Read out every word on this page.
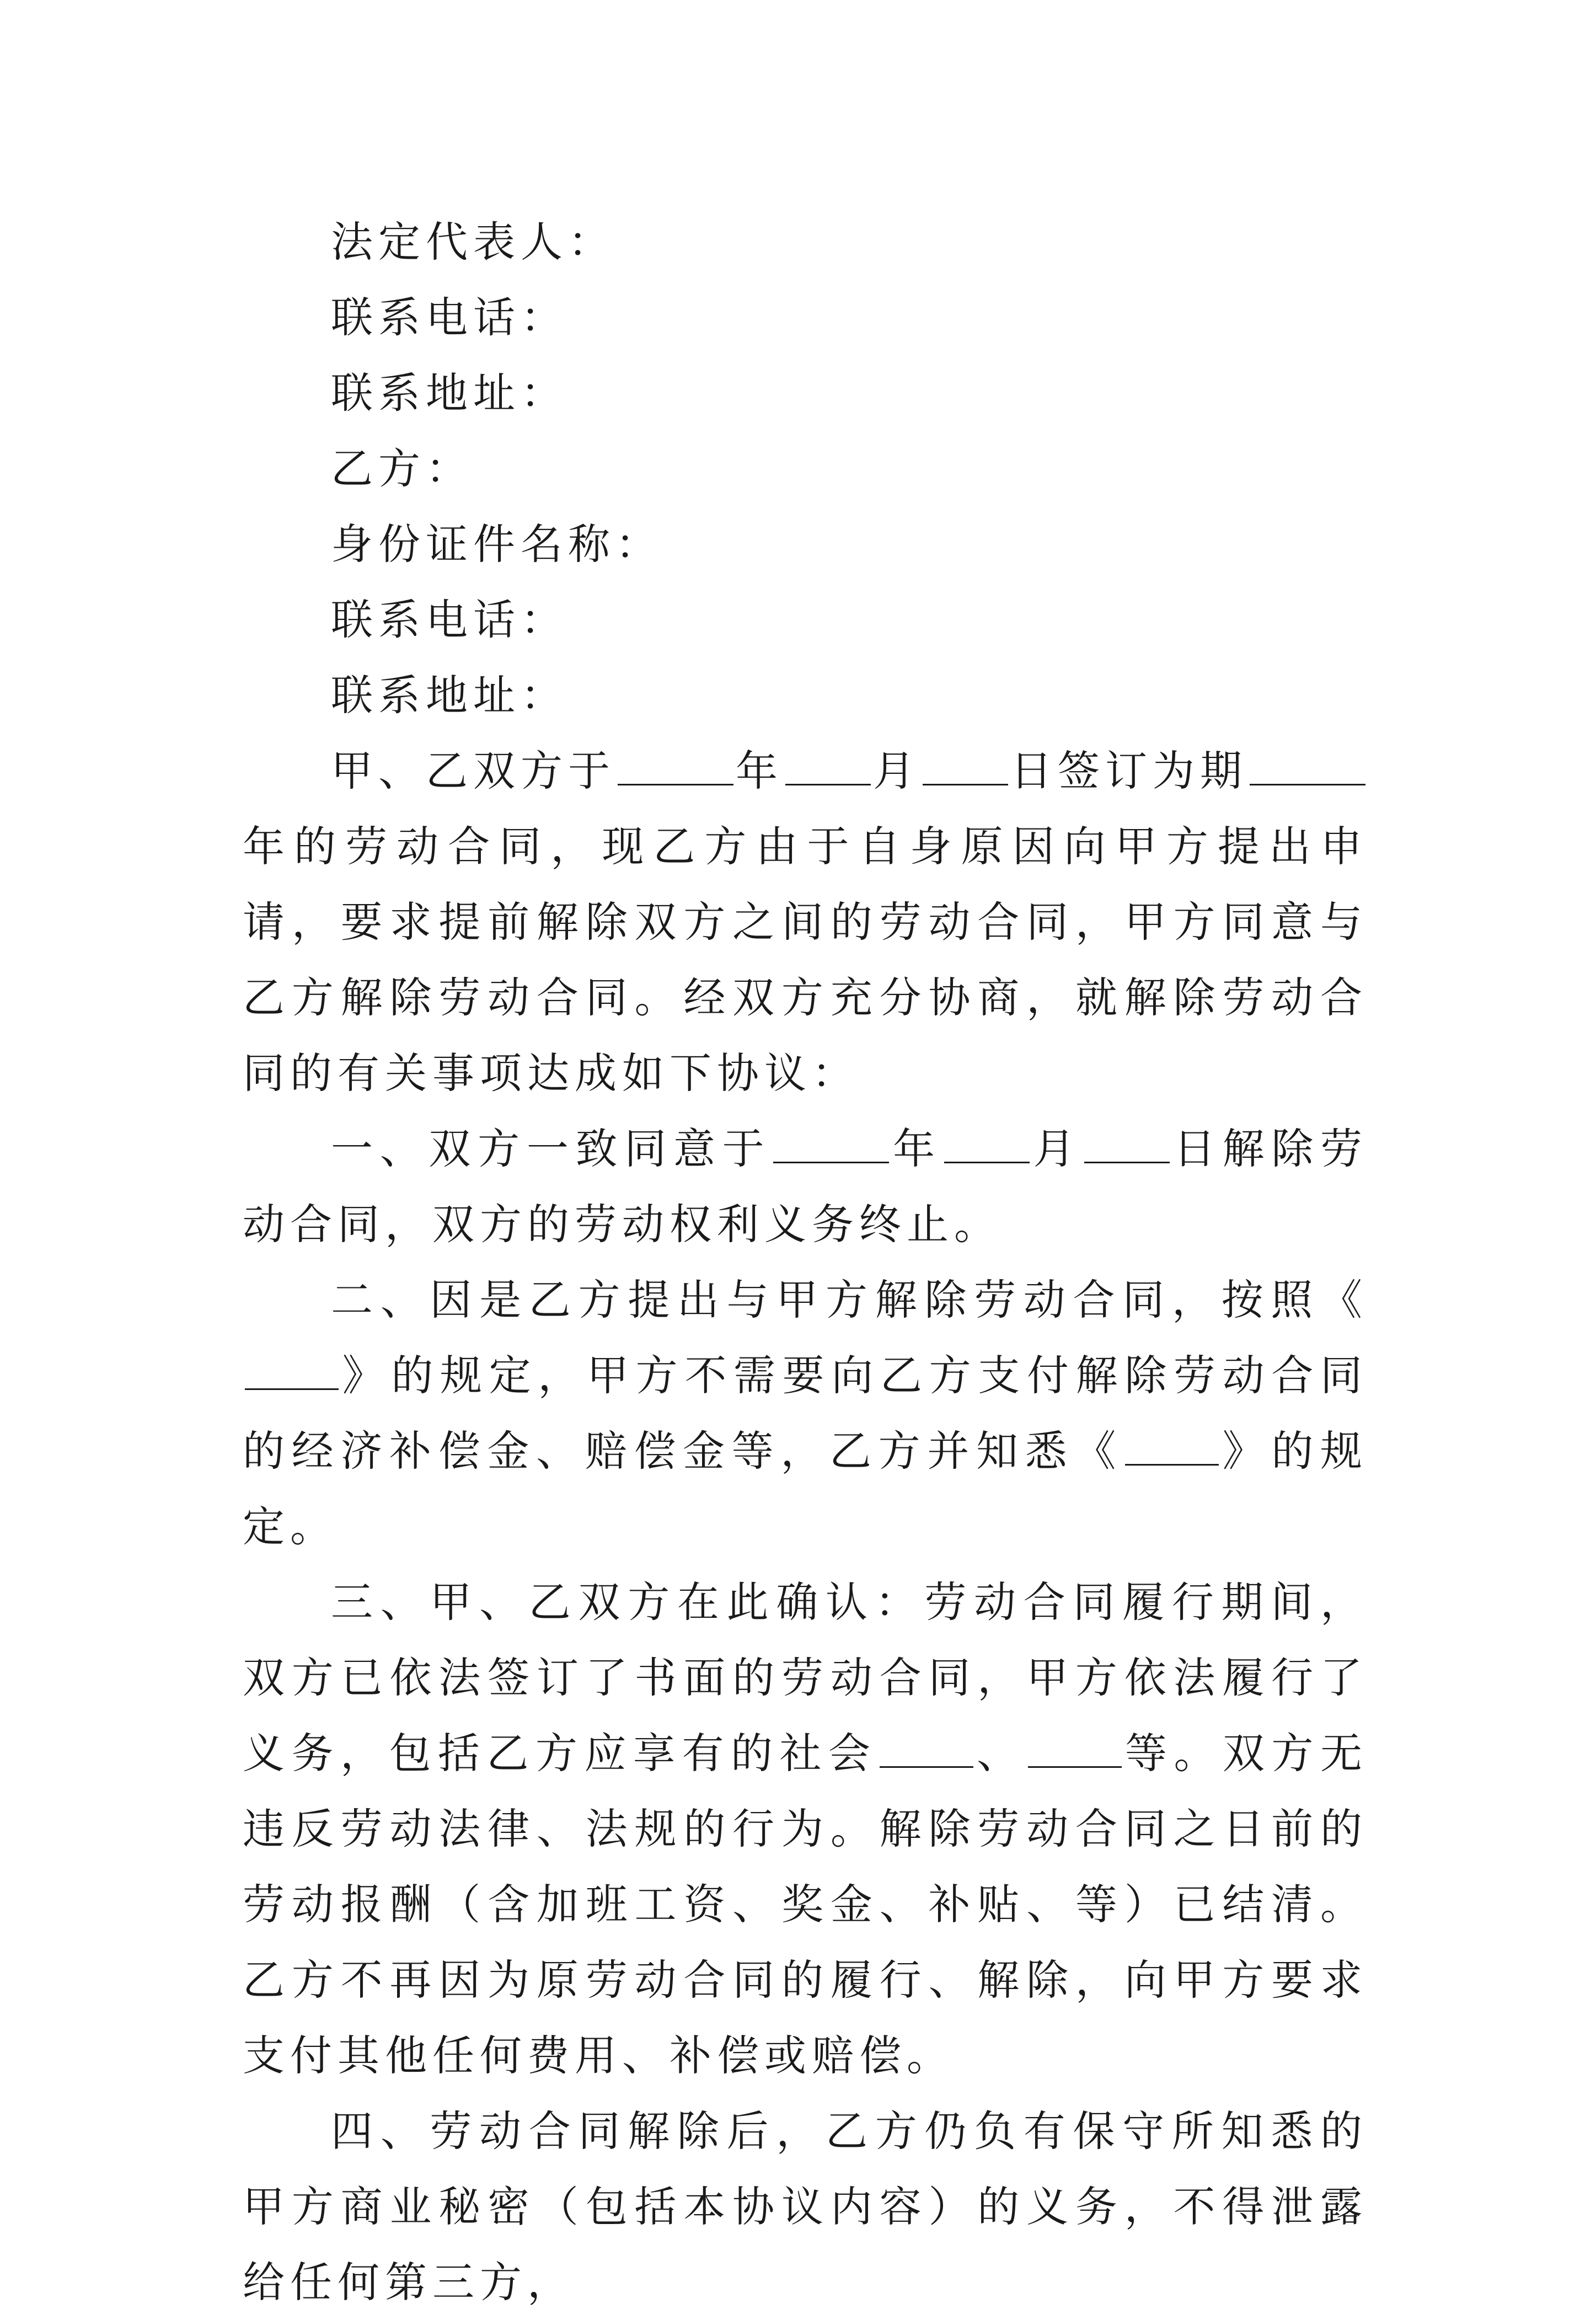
法定代表人：
联系电话：
联系地址：
乙方：
身份证件名称：
联系电话：
联系地址：

甲、乙双方于	年 月 日签订为期年的劳动合同，现乙方由于自身原因向甲方提出申请，要求提前解除双方之间的劳动合同，甲方同意与乙方解除劳动合同。经双方充分协商，就解除劳动合同的有关事项达成如下协议：

一、双方一致同意于	年 月 日解除劳动合同，双方的劳动权利义务终止。

二、因是乙方提出与甲方解除劳动合同，按照《》的规定，甲方不需要向乙方支付解除劳动合同的经济补偿金、赔偿金等，乙方并知悉《 》的规定。

三、甲、乙双方在此确认：劳动合同履行期间，双方已依法签订了书面的劳动合同，甲方依法履行了义务，包括乙方应享有的社会 、 等。双方无违反劳动法律、法规的行为。解除劳动合同之日前的劳动报酬（含加班工资、奖金、补贴、等）已结清。乙方不再因为原劳动合同的履行、解除，向甲方要求支付其他任何费用、补偿或赔偿。

四、劳动合同解除后，乙方仍负有保守所知悉的甲方商业秘密（包括本协议内容）的义务，不得泄露给任何第三方，
